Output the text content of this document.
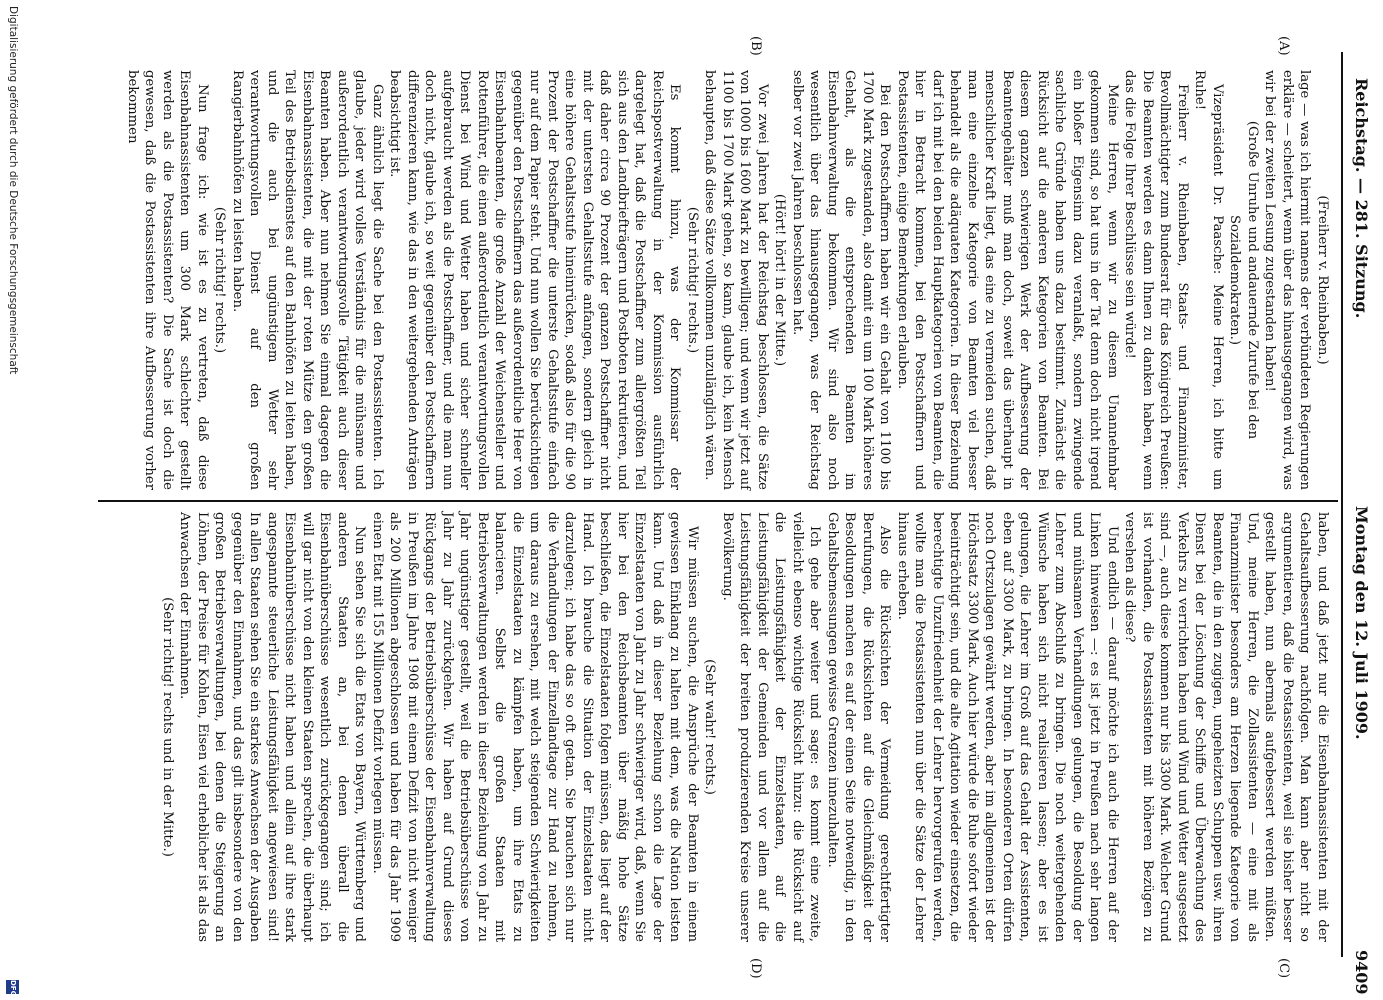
Reichstag. — 281. Sitzung.
Montag den 12. Juli 1909.
9409
(A)
(B)
(C)
(D)

(Freiherr v. Rheinbaben.)

lage — was ich hiermit namens der verbündeten Regierungen erkläre — scheitert, wenn über das hinausgegangen wird, was wir bei der zweiten Lesung zugestanden haben!

(Große Unruhe und andauernde Zurufe bei den Sozialdemokraten.)

Vizepräsident Dr. Paasche: Meine Herren, ich bitte um Ruhe!

Freiherr v. Rheinbaben, Staats- und Finanzminister, Bevollmächtigter zum Bundesrat für das Königreich Preußen: Die Beamten werden es dann Ihnen zu danken haben, wenn das die Folge Ihrer Beschlüsse sein würde!

Meine Herren, wenn wir zu diesem Unannehmbar gekommen sind, so hat uns in der Tat denn doch nicht irgend ein bloßer Eigensinn dazu veranlaßt, sondern zwingende sachliche Gründe haben uns dazu bestimmt. Zunächst die Rücksicht auf die anderen Kategorien von Beamten. Bei diesem ganzen schwierigen Werk der Aufbesserung der Beamtengehälter muß man doch, soweit das überhaupt in menschlicher Kraft liegt, das eine zu vermeiden suchen, daß man eine einzelne Kategorie von Beamten viel besser behandelt als die adäquaten Kategorien. In dieser Beziehung darf ich mit bei den beiden Hauptkategorien von Beamten, die hier in Betracht kommen, bei den Postschaffnern und Postassistenten, einige Bemerkungen erlauben.

Bei den Postschaffnern haben wir ein Gehalt von 1100 bis 1700 Mark zugestanden, also damit ein um 100 Mark höheres Gehalt, als die entsprechenden Beamten im Eisenbahnverwaltung bekommen. Wir sind also noch wesentlich über das hinausgegangen, was der Reichstag selber vor zwei Jahren beschlossen hat.

(Hört! hört! in der Mitte.)

Vor zwei Jahren hat der Reichstag beschlossen, die Sätze von 1000 bis 1600 Mark zu bewilligen; und wenn wir jetzt auf 1100 bis 1700 Mark gehen, so kann, glaube ich, kein Mensch behaupten, daß diese Sätze vollkommen unzulänglich wären.

(Sehr richtig! rechts.)

Es kommt hinzu, was der Kommissar der Reichspostverwaltung in der Kommission ausführlich dargelegt hat, daß die Postschaffner zum allergrößten Teil sich aus den Landbriefträgern und Postboten rekrutieren, und daß daher circa 90 Prozent der ganzen Postschaffner nicht mit der untersten Gehaltsstufe anfangen, sondern gleich in eine höhere Gehaltsstufe hineinrücken, sodaß also für die 90 Prozent der Postschaffner die unterste Gehaltsstufe einfach nur auf dem Papier steht. Und nun wollen Sie berücksichtigen gegenüber den Postschaffnern das außerordentliche Heer von Eisenbahnbeamten, die große Anzahl der Weichensteller und Rottenführer, die einen außerordentlich verantwortungsvollen Dienst bei Wind und Wetter haben und sicher schneller aufgebraucht werden als die Postschaffner, und die man nun doch nicht, glaube ich, so weit gegenüber den Postschaffnern differenzieren kann, wie das in den weitergehenden Anträgen beabsichtigt ist.

Ganz ähnlich liegt die Sache bei den Postassistenten. Ich glaube, jeder wird volles Verständnis für die mühsame und außerordentlich verantwortungsvolle Tätigkeit auch dieser Beamten haben. Aber nun nehmen Sie einmal dagegen die Eisenbahnassistenten, die mit der roten Mütze den großen Teil des Betriebsdienstes auf den Bahnhöfen zu leiten haben, und die auch bei ungünstigem Wetter sehr verantwortungsvollen Dienst auf den großen Rangierbahnhöfen zu leisten haben.

(Sehr richtig! rechts.)

Nun frage ich: wie ist es zu vertreten, daß diese Eisenbahnassistenten um 300 Mark schlechter gestellt werden als die Postassistenten? Die Sache ist doch die gewesen, daß die Postassistenten ihre Aufbesserung vorher bekommen

haben, und daß jetzt nur die Eisenbahnassistenten mit der Gehaltsaufbesserung nachfolgen. Man kann aber nicht so argumentieren, daß die Postassistenten, weil sie bisher besser gestellt haben, nun abermals aufgebessert werden müßten. Und, meine Herren, die Zollassistenten — eine mit als Finanzminister besonders am Herzen liegende Kategorie von Beamten, die in den zugigen, ungeheizten Schuppen usw. ihren Dienst bei der Löschung der Schiffe und Überwachung des Verkehrs zu verrichten haben und Wind und Wetter ausgesetzt sind —, auch diese kommen nur bis 3300 Mark. Welcher Grund ist vorhanden, die Postassistenten mit höheren Bezügen zu versehen als diese?

Und endlich — darauf möchte ich auch die Herren auf der Linken hinweisen —: es ist jetzt in Preußen nach sehr langen und mühsamen Verhandlungen gelungen, die Besoldung der Lehrer zum Abschluß zu bringen. Die noch weitergehenden Wünsche haben sich nicht realisieren lassen; aber es ist gelungen, die Lehrer im Groß auf das Gehalt der Assistenten, eben auf 3300 Mark, zu bringen. In besonderen Orten dürfen noch Ortszulagen gewährt werden, aber im allgemeinen ist der Höchstsatz 3300 Mark. Auch hier würde die Ruhe sofort wieder beeinträchtigt sein, und die alte Agitation wieder einsetzen, die berechtigte Unzufriedenheit der Lehrer hervorgerufen werden, wollte man die Postassistenten nun über die Sätze der Lehrer hinaus erheben.

Also die Rücksichten der Vermeidung gerechtfertigter Berufungen, die Rücksichten auf die Gleichmäßigkeit der Besoldungen machen es auf der einen Seite notwendig, in den Gehaltsbemessungen gewisse Grenzen innezuhalten.

Ich gehe aber weiter und sage: es kommt eine zweite, vielleicht ebenso wichtige Rücksicht hinzu: die Rücksicht auf die Leistungsfähigkeit der Einzelstaaten, auf die Leistungsfähigkeit der Gemeinden und vor allem auf die Leistungsfähigkeit der breiten produzierenden Kreise unserer Bevölkerung.

(Sehr wahr! rechts.)

Wir müssen suchen, die Ansprüche der Beamten in einem gewissen Einklang zu halten mit dem, was die Nation leisten kann. Und daß in dieser Beziehung schon die Lage der Einzelstaaten von Jahr zu Jahr schwieriger wird, daß, wenn Sie hier bei den Reichsbeamten über mäßig hohe Sätze beschließen, die Einzelstaaten folgen müssen, das liegt auf der Hand. Ich brauche die Situation der Einzelstaaten nicht darzulegen; ich habe das so oft getan. Sie brauchen sich nur die Verhandlungen der Einzellandtage zur Hand zu nehmen, um daraus zu ersehen, mit welch steigenden Schwierigkeiten die Einzelstaaten zu kämpfen haben, um ihre Etats zu balancieren. Selbst die großen Staaten mit Betriebsverwaltungen werden in dieser Beziehung von Jahr zu Jahr ungünstiger gestellt, weil die Betriebsüberschüsse von Jahr zu Jahr zurückgehen. Wir haben auf Grund dieses Rückgangs der Betriebsüberschüsse der Eisenbahnverwaltung in Preußen im Jahre 1908 mit einem Defizit von nicht weniger als 200 Millionen abgeschlossen und haben für das Jahr 1909 einen Etat mit 155 Millionen Defizit vorlegen müssen.

Nun sehen Sie sich die Etats von Bayern, Württemberg und anderen Staaten an, bei denen überall die Eisenbahnüberschüsse wesentlich zurückgegangen sind; ich will gar nicht von den kleinen Staaten sprechen, die überhaupt Eisenbahnüberschüsse nicht haben und allein auf ihre stark angespannte steuerliche Leistungsfähigkeit angewiesen sind! In allen Staaten sehen Sie ein starkes Anwachsen der Ausgaben gegenüber den Einnahmen, und das gilt insbesondere von den großen Betriebsverwaltungen, bei denen die Steigerung an Löhnen, der Preise für Kohlen, Eisen viel erheblicher ist als das Anwachsen der Einnahmen.

(Sehr richtig! rechts und in der Mitte.)

Digitalisierung gefördert durch die Deutsche Forschungsgemeinschaft
DFG
